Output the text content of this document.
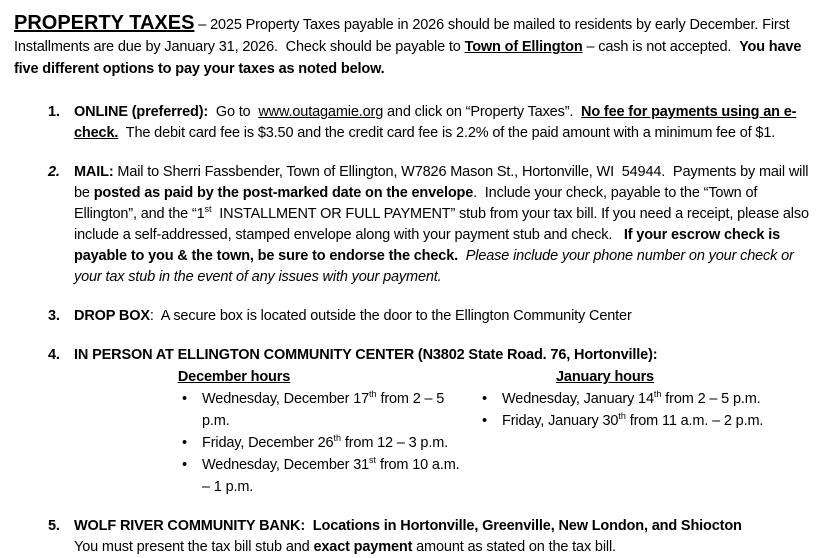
PROPERTY TAXES – 2025 Property Taxes payable in 2026 should be mailed to residents by early December. First Installments are due by January 31, 2026.  Check should be payable to Town of Ellington – cash is not accepted.  You have five different options to pay your taxes as noted below.

1. ONLINE (preferred):  Go to  www.outagamie.org and click on “Property Taxes”.  No fee for payments using an e-check.  The debit card fee is $3.50 and the credit card fee is 2.2% of the paid amount with a minimum fee of $1.
2. MAIL: Mail to Sherri Fassbender, Town of Ellington, W7826 Mason St., Hortonville, WI  54944.  Payments by mail will be posted as paid by the post-marked date on the envelope.  Include your check, payable to the “Town of Ellington”, and the “1st  INSTALLMENT OR FULL PAYMENT” stub from your tax bill. If you need a receipt, please also include a self-addressed, stamped envelope along with your payment stub and check.   If your escrow check is payable to you & the town, be sure to endorse the check. Please include your phone number on your check or your tax stub in the event of any issues with your payment.
3. DROP BOX:  A secure box is located outside the door to the Ellington Community Center
4. IN PERSON AT ELLINGTON COMMUNITY CENTER (N3802 State Road. 76, Hortonville):
December hours
•	Wednesday, December 17th from 2 – 5 p.m.
•	Friday, December 26th from 12 – 3 p.m.
•	Wednesday, December 31st from 10 a.m. – 1 p.m.
January hours
•	Wednesday, January 14th from 2 – 5 p.m.
•	Friday, January 30th from 11 a.m. – 2 p.m.
5. WOLF RIVER COMMUNITY BANK:  Locations in Hortonville, Greenville, New London, and Shiocton
You must present the tax bill stub and exact payment amount as stated on the tax bill.
